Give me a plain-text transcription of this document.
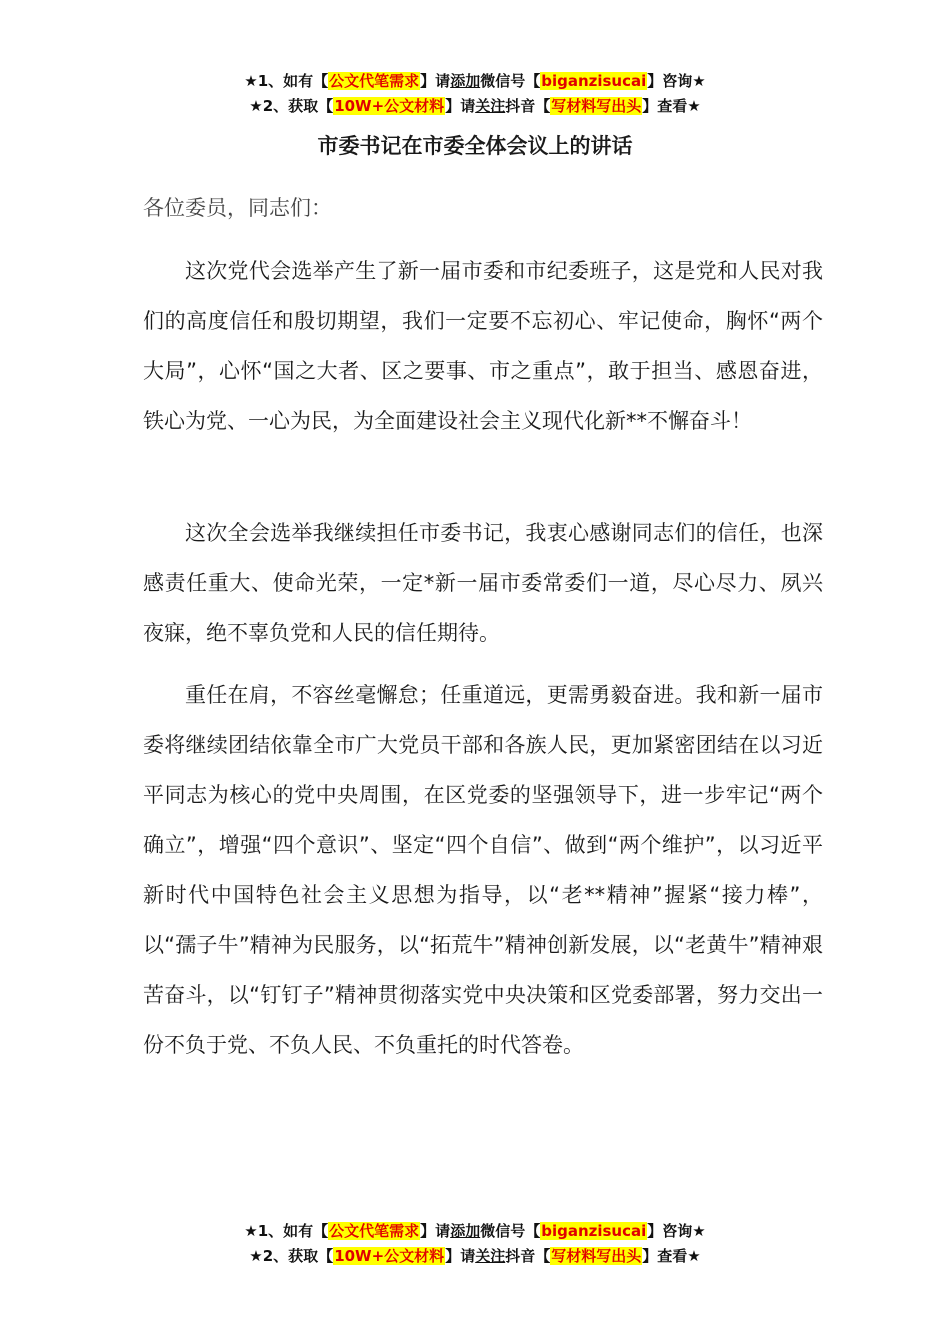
★1、如有【公文代笔需求】请添加微信号【biganzisucai】咨询★
★2、获取【10W+公文材料】请关注抖音【写材料写出头】查看★
市委书记在市委全体会议上的讲话
各位委员，同志们：

这次党代会选举产生了新一届市委和市纪委班子，这是党和人民对我们的高度信任和殷切期望，我们一定要不忘初心、牢记使命，胸怀“两个大局”，心怀“国之大者、区之要事、市之重点”，敢于担当、感恩奋进，铁心为党、一心为民，为全面建设社会主义现代化新**不懈奋斗！

这次全会选举我继续担任市委书记，我衷心感谢同志们的信任，也深感责任重大、使命光荣，一定*新一届市委常委们一道，尽心尽力、夙兴夜寐，绝不辜负党和人民的信任期待。

重任在肩，不容丝毫懈怠；任重道远，更需勇毅奋进。我和新一届市委将继续团结依靠全市广大党员干部和各族人民，更加紧密团结在以习近平同志为核心的党中央周围，在区党委的坚强领导下，进一步牢记“两个确立”，增强“四个意识”、坚定“四个自信”、做到“两个维护”，以习近平新时代中国特色社会主义思想为指导，以“老**精神”握紧“接力棒”，以“孺子牛”精神为民服务，以“拓荒牛”精神创新发展，以“老黄牛”精神艰苦奋斗，以“钉钉子”精神贯彻落实党中央决策和区党委部署，努力交出一份不负于党、不负人民、不负重托的时代答卷。

★1、如有【公文代笔需求】请添加微信号【biganzisucai】咨询★
★2、获取【10W+公文材料】请关注抖音【写材料写出头】查看★
